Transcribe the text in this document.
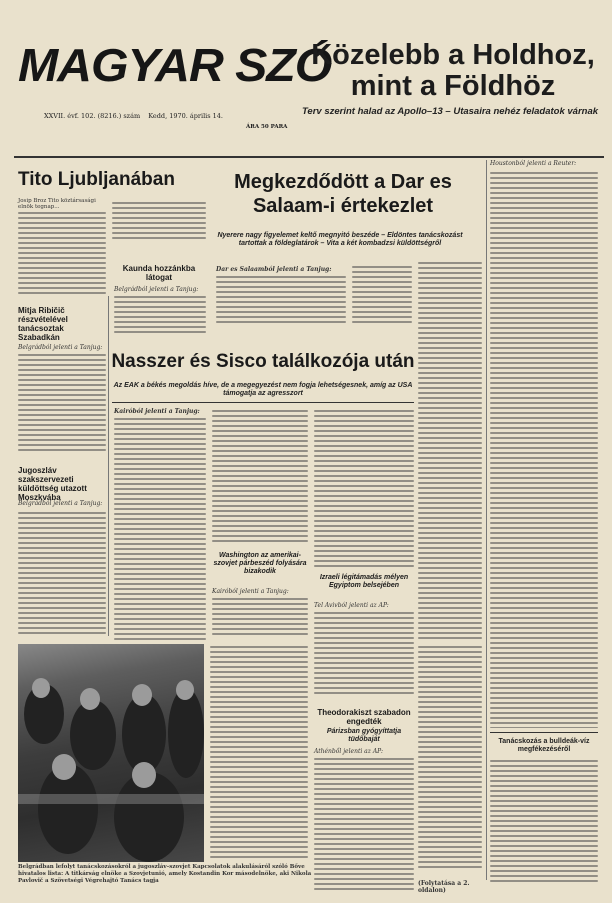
MAGYAR SZÓ
XXVII. évf. 102. (8216.) szám Kedd, 1970. április 14.
ÁRA 50 PARA
Közelebb a Holdhoz, mint a Földhöz
Terv szerint halad az Apollo–13 – Utasaira nehéz feladatok várnak
Tito Ljubljanában
Josip Broz Tito köztársasági elnök tegnap...
Kaunda hozzánkba látogat
Belgrádból jelenti a Tanjug:
Mitja Ribičič részvételével tanácsoztak Szabadkán
Belgrádból jelenti a Tanjug:
Jugoszláv szakszervezeti küldöttség utazott Moszkvába
Belgrádból jelenti a Tanjug:
Megkezdődött a Dar es Salaam-i értekezlet
Nyerere nagy figyelemet keltő megnyitó beszéde – Eldöntes tanácskozást tartottak a földeglatárok – Vita a két kombadzsi küldöttségről
Dar es Salaamból jelenti a Tanjug:
Nasszer és Sisco találkozója után
Az EAK a békés megoldás híve, de a megegyezést nem fogja lehetségesnek, amíg az USA támogatja az agresszort
Kairóból jelenti a Tanjug:
Washington az amerikai-szovjet párbeszéd folyására bizakodik
Kairóból jelenti a Tanjug:
Izraeli légitámadás mélyen Egyiptom belsejében
Tel Avivból jelenti az AP:
Theodorakiszt szabadon engedték
Párizsban gyógyíttatja tüdőbaját
Athénből jelenti az AP:
(Folytatása a 2. oldalon)
Houstonból jelenti a Reuter:
Tanácskozás a bulldeák-víz megfékezéséről
Belgrádban lefolyt tanácskozásokról a jugoszláv–szovjet Kapcsolatok alakulásáról szóló Bőve hivatalos lista: A titkárság elnöke a Szovjetunió, amely Kostandin Kor másodelnöke, aki Nikola Pavlovič a Szövetségi Végrehajtó Tanács tagja
